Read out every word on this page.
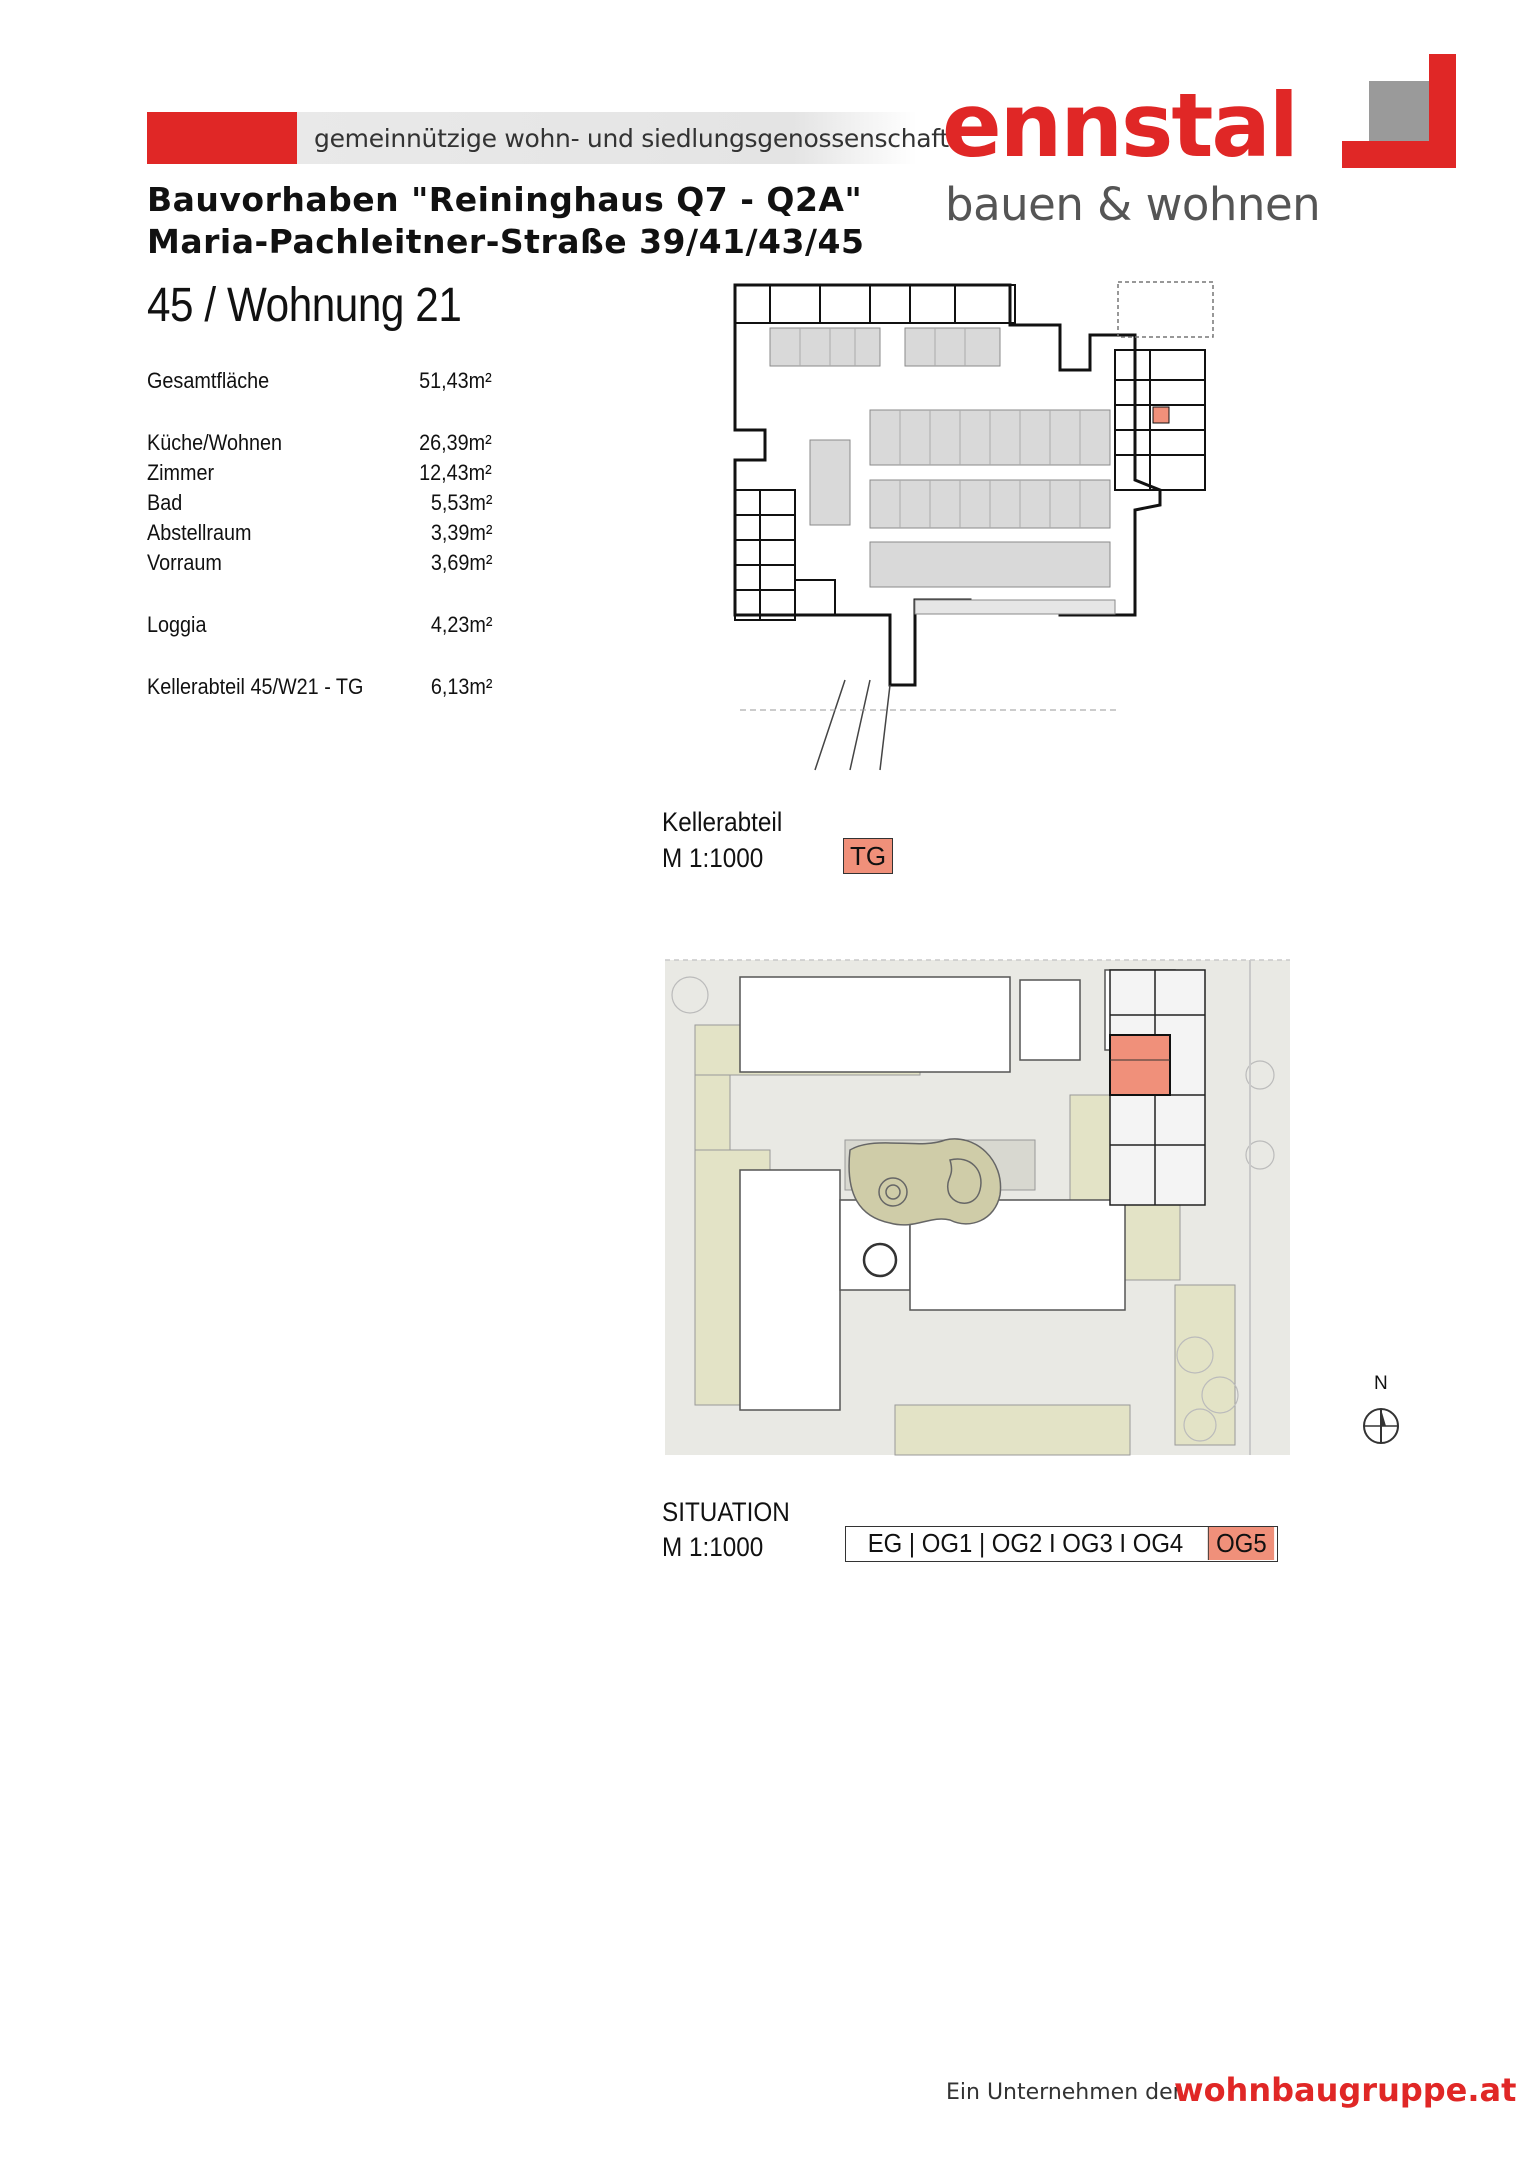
gemeinnützige wohn- und siedlungsgenossenschaft
ennstal
bauen & wohnen
Bauvorhaben "Reininghaus Q7 - Q2A"
Maria-Pachleitner-Straße 39/41/43/45
45 / Wohnung 21
Gesamtfläche	51,43m²
Küche/Wohnen	26,39m²
Zimmer	12,43m²
Bad	5,53m²
Abstellraum	3,39m²
Vorraum	3,69m²
Loggia	4,23m²
Kellerabteil 45/W21 - TG	6,13m²
Kellerabteil
M 1:1000	TG
SITUATION
M 1:1000	EG | OG1 | OG2 I OG3 I OG4	OG5
N
Ein Unternehmen der
wohnbaugruppe.at
